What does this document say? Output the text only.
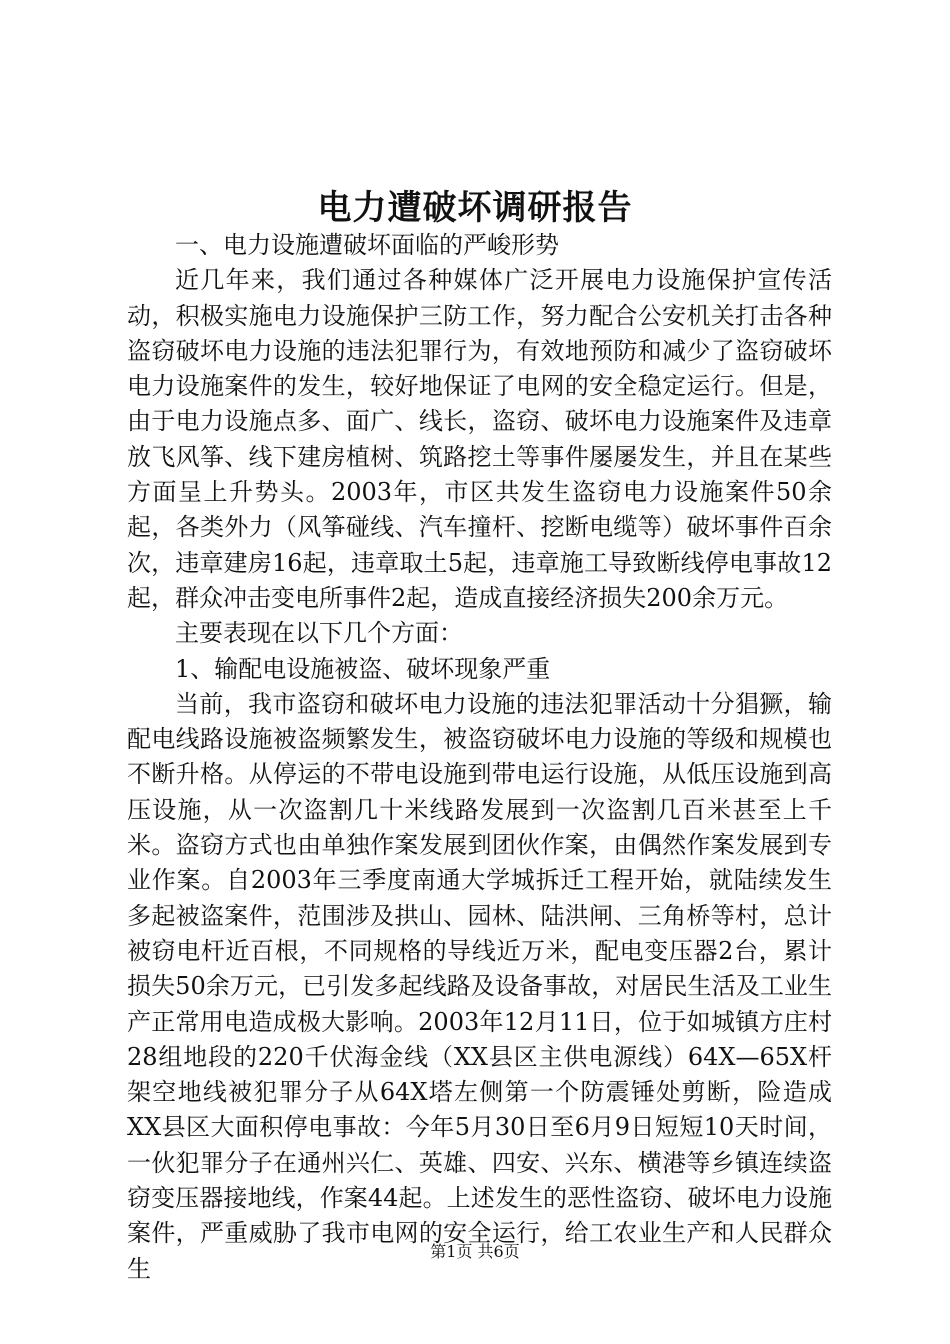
电力遭破坏调研报告

一、电力设施遭破坏面临的严峻形势

近几年来，我们通过各种媒体广泛开展电力设施保护宣传活动，积极实施电力设施保护三防工作，努力配合公安机关打击各种盗窃破坏电力设施的违法犯罪行为，有效地预防和减少了盗窃破坏电力设施案件的发生，较好地保证了电网的安全稳定运行。但是，由于电力设施点多、面广、线长，盗窃、破坏电力设施案件及违章放飞风筝、线下建房植树、筑路挖土等事件屡屡发生，并且在某些方面呈上升势头。2003年，市区共发生盗窃电力设施案件50余起，各类外力（风筝碰线、汽车撞杆、挖断电缆等）破坏事件百余次，违章建房16起，违章取土5起，违章施工导致断线停电事故12起，群众冲击变电所事件2起，造成直接经济损失200余万元。

主要表现在以下几个方面：

1、输配电设施被盗、破坏现象严重

当前，我市盗窃和破坏电力设施的违法犯罪活动十分猖獗，输配电线路设施被盗频繁发生，被盗窃破坏电力设施的等级和规模也不断升格。从停运的不带电设施到带电运行设施，从低压设施到高压设施，从一次盗割几十米线路发展到一次盗割几百米甚至上千米。盗窃方式也由单独作案发展到团伙作案，由偶然作案发展到专业作案。自2003年三季度南通大学城拆迁工程开始，就陆续发生多起被盗案件，范围涉及拱山、园林、陆洪闸、三角桥等村，总计被窃电杆近百根，不同规格的导线近万米，配电变压器2台，累计损失50余万元，已引发多起线路及设备事故，对居民生活及工业生产正常用电造成极大影响。2003年12月11日，位于如城镇方庄村28组地段的220千伏海金线（XX县区主供电源线）64X—65X杆架空地线被犯罪分子从64X塔左侧第一个防震锤处剪断，险造成XX县区大面积停电事故：今年5月30日至6月9日短短10天时间，一伙犯罪分子在通州兴仁、英雄、四安、兴东、横港等乡镇连续盗窃变压器接地线，作案44起。上述发生的恶性盗窃、破坏电力设施案件，严重威胁了我市电网的安全运行，给工农业生产和人民群众生

第1页 共6页
